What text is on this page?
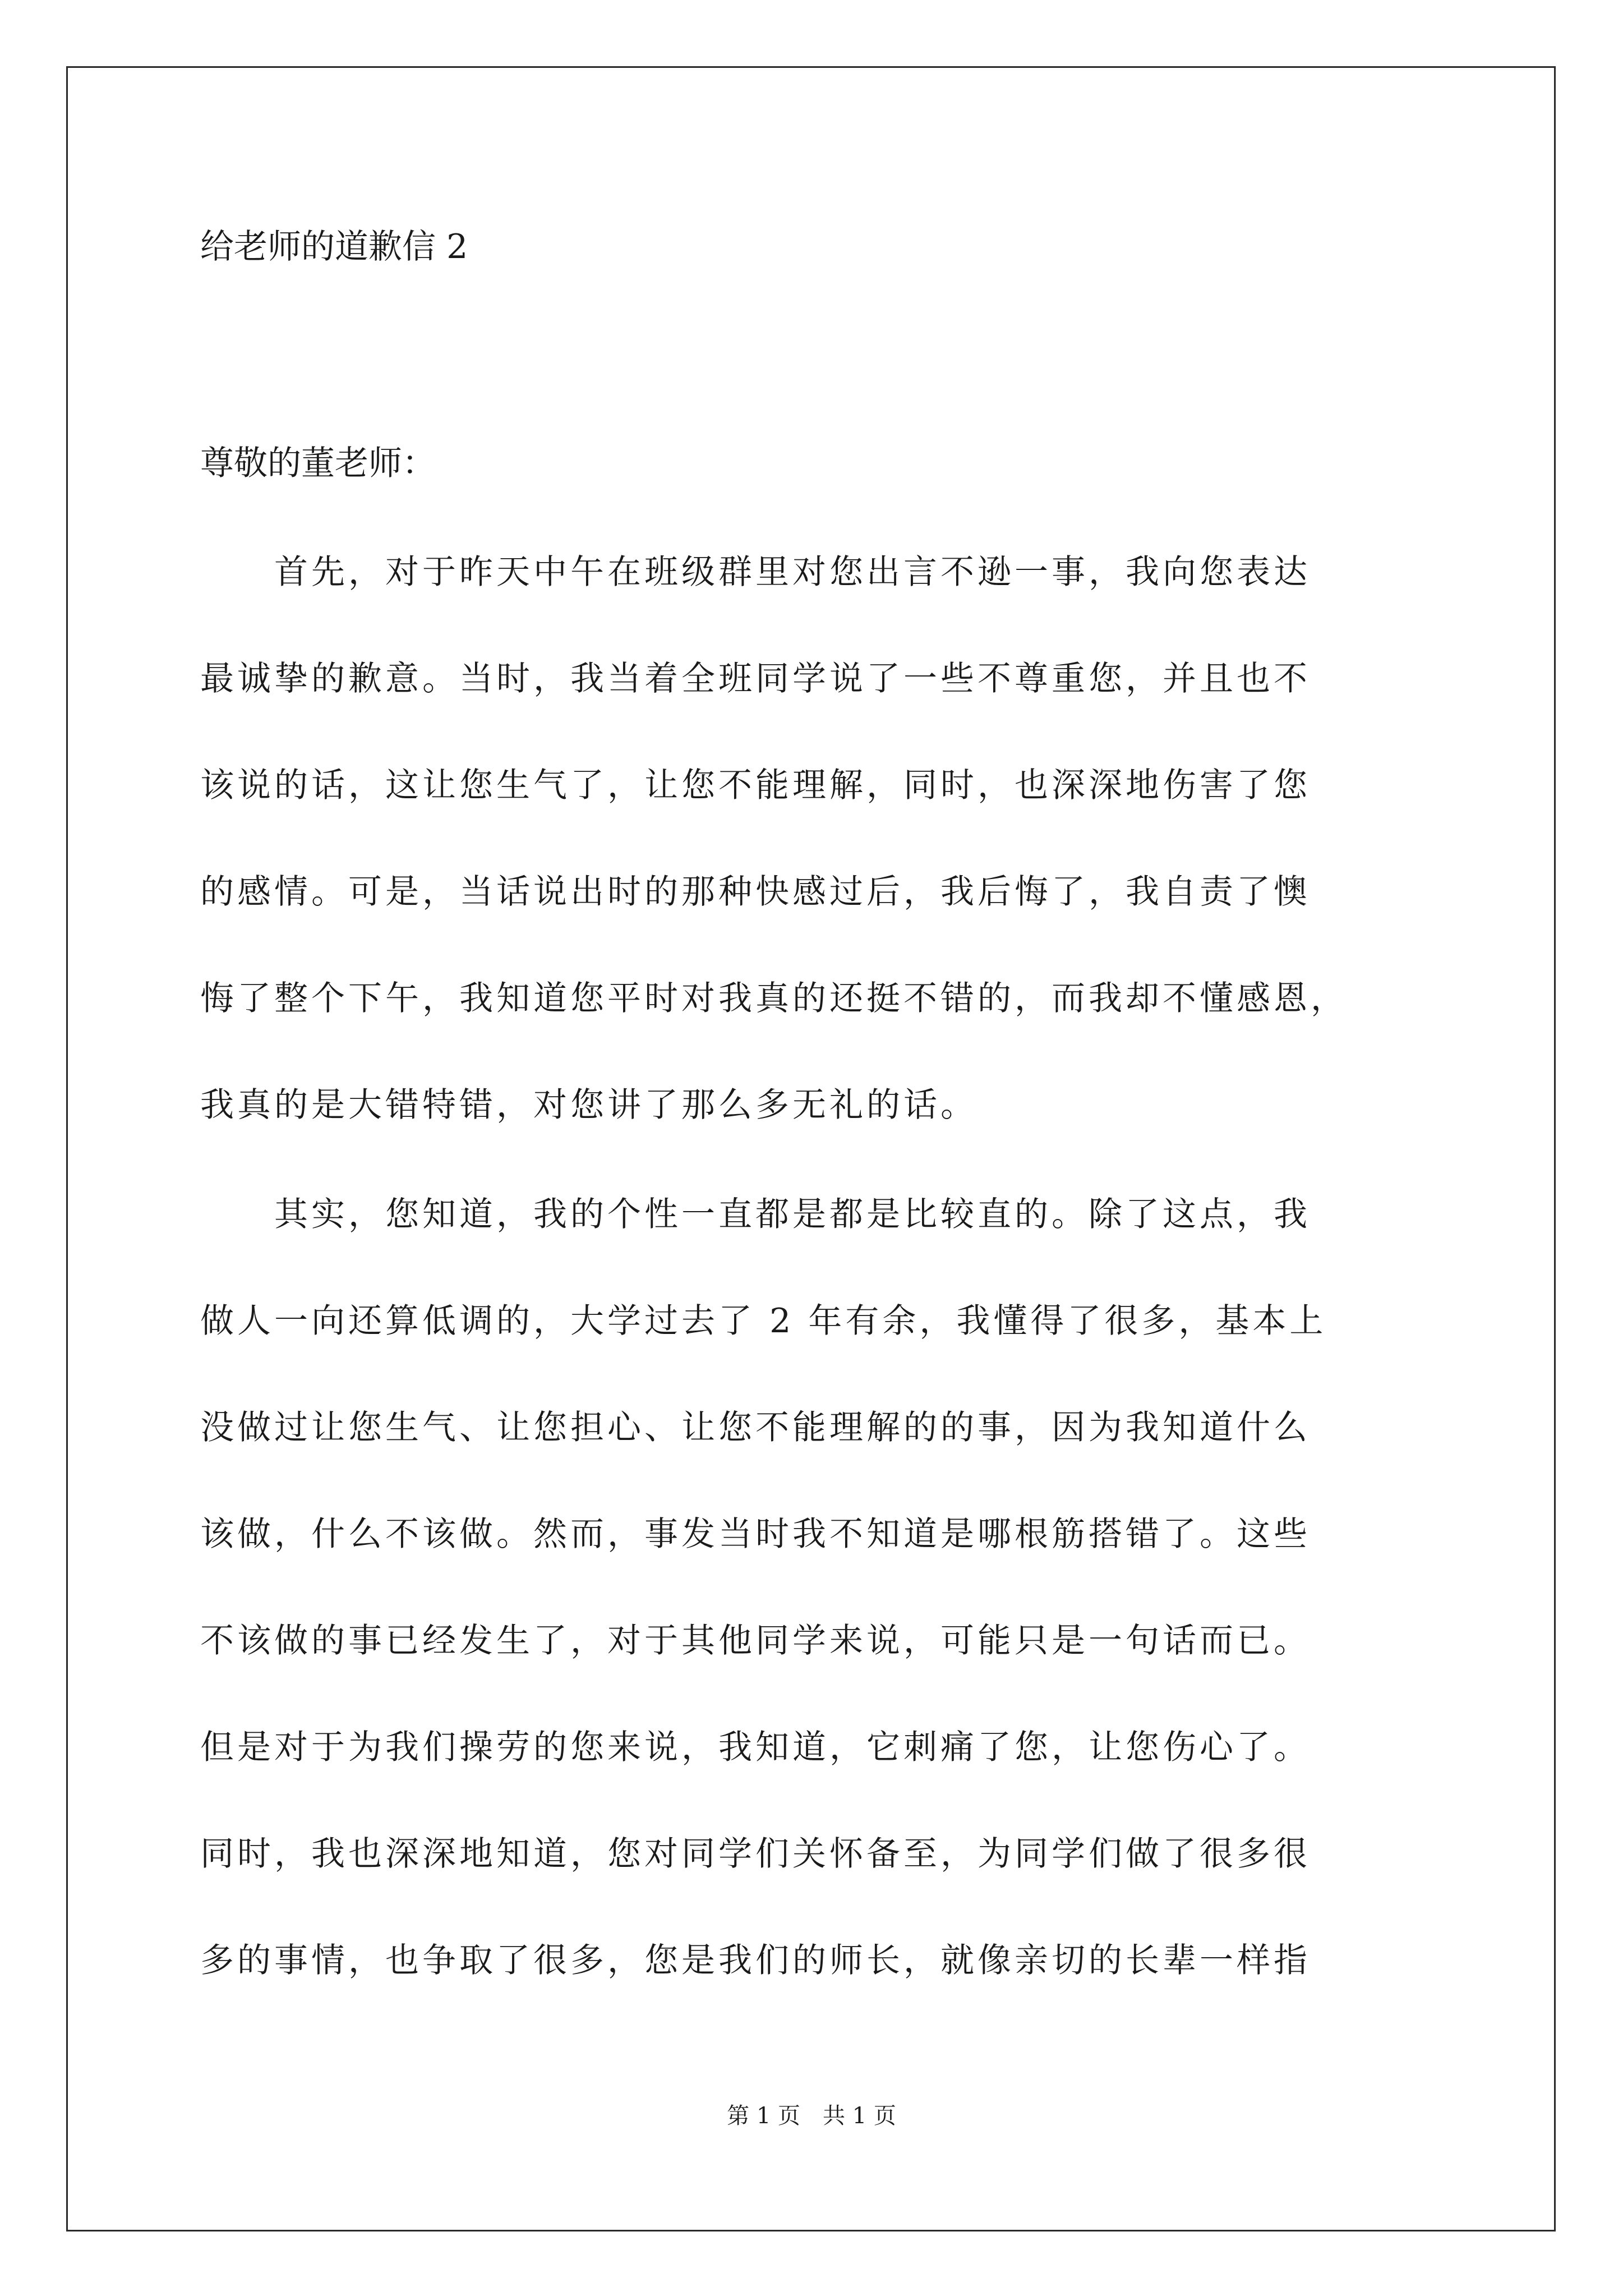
给老师的道歉信 2
尊敬的董老师：
　　首先，对于昨天中午在班级群里对您出言不逊一事，我向您表达
最诚挚的歉意。当时，我当着全班同学说了一些不尊重您，并且也不
该说的话，这让您生气了，让您不能理解，同时，也深深地伤害了您
的感情。可是，当话说出时的那种快感过后，我后悔了，我自责了懊
悔了整个下午，我知道您平时对我真的还挺不错的，而我却不懂感恩，
我真的是大错特错，对您讲了那么多无礼的话。
　　其实，您知道，我的个性一直都是都是比较直的。除了这点，我
做人一向还算低调的，大学过去了 2 年有余，我懂得了很多，基本上
没做过让您生气、让您担心、让您不能理解的的事，因为我知道什么
该做，什么不该做。然而，事发当时我不知道是哪根筋搭错了。这些
不该做的事已经发生了，对于其他同学来说，可能只是一句话而已。
但是对于为我们操劳的您来说，我知道，它刺痛了您，让您伤心了。
同时，我也深深地知道，您对同学们关怀备至，为同学们做了很多很
多的事情，也争取了很多，您是我们的师长，就像亲切的长辈一样指
第 1 页　共 1 页
